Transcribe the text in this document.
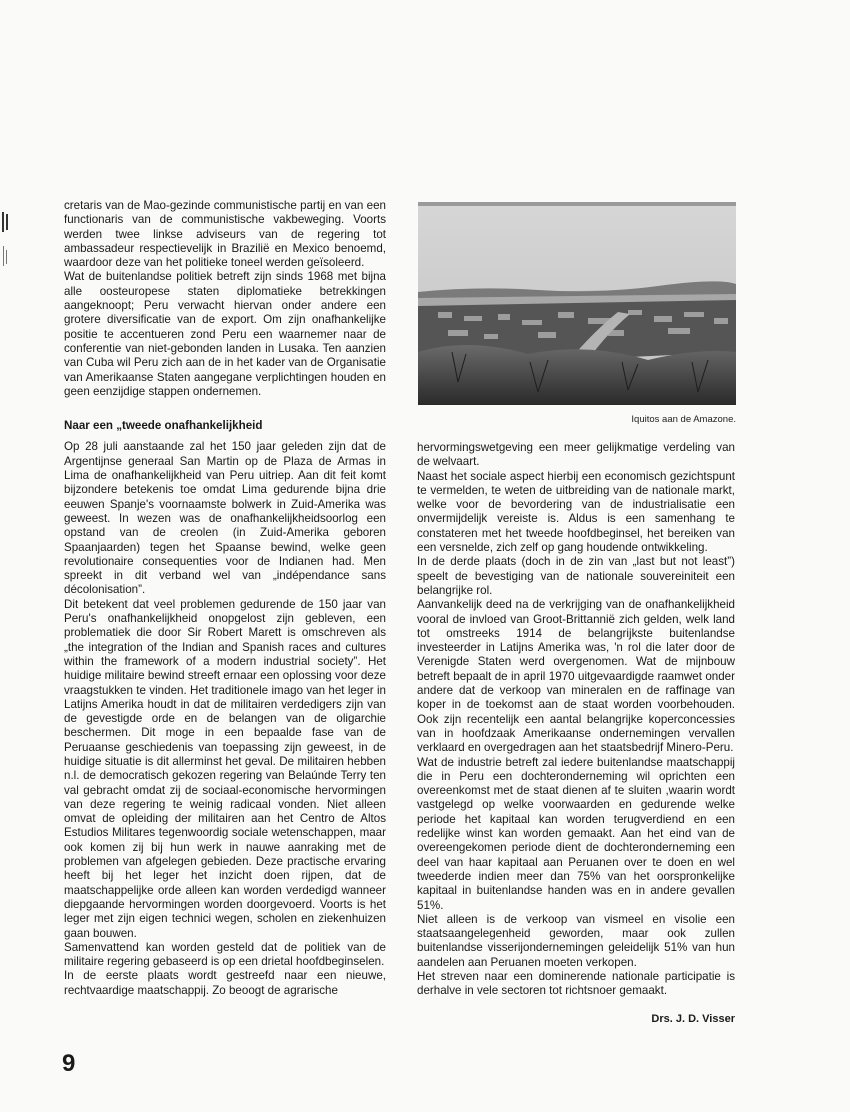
cretaris van de Mao-gezinde communistische partij en van een functionaris van de communistische vakbeweging. Voorts werden twee linkse adviseurs van de regering tot ambassadeur respectievelijk in Brazilië en Mexico benoemd, waardoor deze van het politieke toneel werden geïsoleerd.

Wat de buitenlandse politiek betreft zijn sinds 1968 met bijna alle oosteuropese staten diplomatieke betrekkingen aangeknoopt; Peru verwacht hiervan onder andere een grotere diversificatie van de export. Om zijn onafhankelijke positie te accentueren zond Peru een waarnemer naar de conferentie van niet-gebonden landen in Lusaka. Ten aanzien van Cuba wil Peru zich aan de in het kader van de Organisatie van Amerikaanse Staten aangegane verplichtingen houden en geen eenzijdige stappen ondernemen.

Naar een „tweede onafhankelijkheid

Op 28 juli aanstaande zal het 150 jaar geleden zijn dat de Argentijnse generaal San Martin op de Plaza de Armas in Lima de onafhankelijkheid van Peru uitriep. Aan dit feit komt bijzondere betekenis toe omdat Lima gedurende bijna drie eeuwen Spanje's voornaamste bolwerk in Zuid-Amerika was geweest. In wezen was de onafhankelijkheidsoorlog een opstand van de creolen (in Zuid-Amerika geboren Spaanjaarden) tegen het Spaanse bewind, welke geen revolutionaire consequenties voor de Indianen had. Men spreekt in dit verband wel van „indépendance sans décolonisation”.

Dit betekent dat veel problemen gedurende de 150 jaar van Peru's onafhankelijkheid onopgelost zijn gebleven, een problematiek die door Sir Robert Marett is omschreven als „the integration of the Indian and Spanish races and cultures within the framework of a modern industrial society”. Het huidige militaire bewind streeft ernaar een oplossing voor deze vraagstukken te vinden. Het traditionele imago van het leger in Latijns Amerika houdt in dat de militairen verdedigers zijn van de gevestigde orde en de belangen van de oligarchie beschermen. Dit moge in een bepaalde fase van de Peruaanse geschiedenis van toepassing zijn geweest, in de huidige situatie is dit allerminst het geval. De militairen hebben n.l. de democratisch gekozen regering van Belaúnde Terry ten val gebracht omdat zij de sociaal-economische hervormingen van deze regering te weinig radicaal vonden. Niet alleen omvat de opleiding der militairen aan het Centro de Altos Estudios Militares tegenwoordig sociale wetenschappen, maar ook komen zij bij hun werk in nauwe aanraking met de problemen van afgelegen gebieden. Deze practische ervaring heeft bij het leger het inzicht doen rijpen, dat de maatschappelijke orde alleen kan worden verdedigd wanneer diepgaande hervormingen worden doorgevoerd. Voorts is het leger met zijn eigen technici wegen, scholen en ziekenhuizen gaan bouwen.

Samenvattend kan worden gesteld dat de politiek van de militaire regering gebaseerd is op een drietal hoofdbeginselen.

In de eerste plaats wordt gestreefd naar een nieuwe, rechtvaardige maatschappij. Zo beoogt de agrarische

Iquitos aan de Amazone.

hervormingswetgeving een meer gelijkmatige verdeling van de welvaart.

Naast het sociale aspect hierbij een economisch gezichtspunt te vermelden, te weten de uitbreiding van de nationale markt, welke voor de bevordering van de industrialisatie een onvermijdelijk vereiste is. Aldus is een samenhang te constateren met het tweede hoofdbeginsel, het bereiken van een versnelde, zich zelf op gang houdende ontwikkeling.

In de derde plaats (doch in de zin van „last but not least”) speelt de bevestiging van de nationale souvereiniteit een belangrijke rol.

Aanvankelijk deed na de verkrijging van de onafhankelijkheid vooral de invloed van Groot-Brittannië zich gelden, welk land tot omstreeks 1914 de belangrijkste buitenlandse investeerder in Latijns Amerika was, 'n rol die later door de Verenigde Staten werd overgenomen. Wat de mijnbouw betreft bepaalt de in april 1970 uitgevaardigde raamwet onder andere dat de verkoop van mineralen en de raffinage van koper in de toekomst aan de staat worden voorbehouden. Ook zijn recentelijk een aantal belangrijke koperconcessies van in hoofdzaak Amerikaanse ondernemingen vervallen verklaard en overgedragen aan het staatsbedrijf Minero-Peru.

Wat de industrie betreft zal iedere buitenlandse maatschappij die in Peru een dochteronderneming wil oprichten een overeenkomst met de staat dienen af te sluiten ,waarin wordt vastgelegd op welke voorwaarden en gedurende welke periode het kapitaal kan worden terugverdiend en een redelijke winst kan worden gemaakt. Aan het eind van de overeengekomen periode dient de dochteronderneming een deel van haar kapitaal aan Peruanen over te doen en wel tweederde indien meer dan 75% van het oorspronkelijke kapitaal in buitenlandse handen was en in andere gevallen 51%.

Niet alleen is de verkoop van vismeel en visolie een staatsaangelegenheid geworden, maar ook zullen buitenlandse visserijondernemingen geleidelijk 51% van hun aandelen aan Peruanen moeten verkopen.

Het streven naar een dominerende nationale participatie is derhalve in vele sectoren tot richtsnoer gemaakt.

Drs. J. D. Visser
9
